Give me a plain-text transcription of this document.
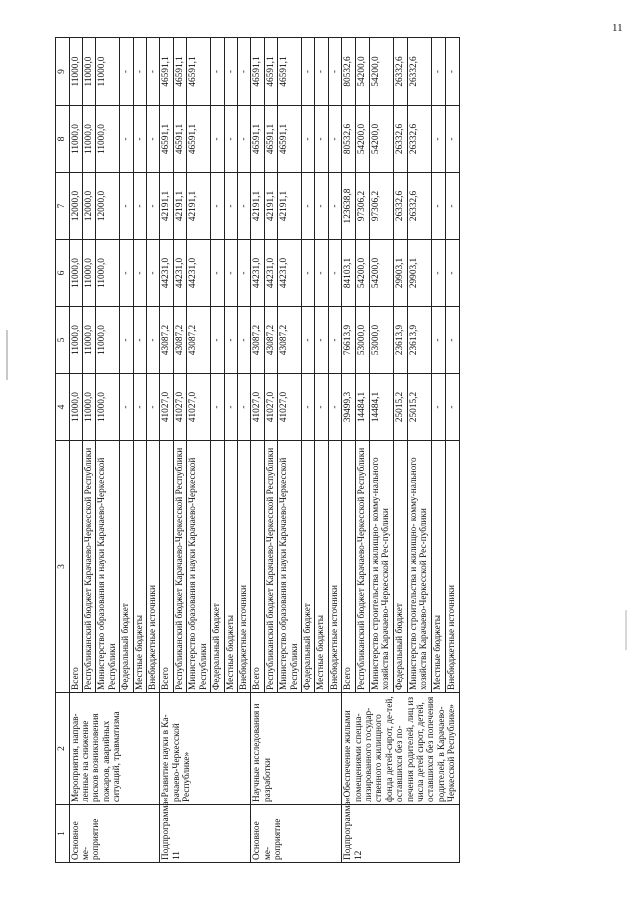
11
1	2	3	4	5	6	7	8	9
Основное ме-роприятие	Мероприятия, направ-ленные на снижение рисков возникновения пожаров, аварийных ситуаций, травматизма	Всего	11000,0	11000,0	11000,0	12000,0	11000,0	11000,0
		Республиканский бюджет Карачаево-Черкесской Республики	11000,0	11000,0	11000,0	12000,0	11000,0	11000,0
		Министерство образования и науки Карачаево-Черкесской Республики	11000,0	11000,0	11000,0	12000,0	11000,0	11000,0
		Федеральный бюджет	-	-	-	-	-	-
		Местные бюджеты	-	-	-	-	-	-
		Внебюджетные источники	-	-	-	-	-	-
Подпрограмма 11	«Развитие науки в Ка-рачаево-Черкесской Республике»	Всего	41027,0	43087,2	44231,0	42191,1	46591,1	46591,1
		Республиканский бюджет Карачаево-Черкесской Республики	41027,0	43087,2	44231,0	42191,1	46591,1	46591,1
		Министерство образования и науки Карачаево-Черкесской Республики	41027,0	43087,2	44231,0	42191,1	46591,1	46591,1
		Федеральный бюджет	-	-	-	-	-	-
		Местные бюджеты	-	-	-	-	-	-
		Внебюджетные источники	-	-	-	-	-	-
Основное ме-роприятие	Научные исследования и разработки	Всего	41027,0	43087,2	44231,0	42191,1	46591,1	46591,1
		Республиканский бюджет Карачаево-Черкесской Республики	41027,0	43087,2	44231,0	42191,1	46591,1	46591,1
		Министерство образования и науки Карачаево-Черкесской Республики	41027,0	43087,2	44231,0	42191,1	46591,1	46591,1
		Федеральный бюджет	-	-	-	-	-	-
		Местные бюджеты	-	-	-	-	-	-
		Внебюджетные источники	-	-	-	-	-	-
Подпрограмма 12	«Обеспечение жилыми помещениями специа-лизированного государ-ственного жилищного фонда детей-сирот, де-тей, оставшихся без по-печения родителей, лиц из числа детей сирот, детей, оставшихся без попечения родителей, в Карачаево-Черкесской Республике»	Всего	39499,3	76613,9	84103,1	123638,8	80532,6	80532,6
		Республиканский бюджет Карачаево-Черкесской Республики	14484,1	53000,0	54200,0	97306,2	54200,0	54200,0
		Министерство строительства и жилищно- комму-нального хозяйства Карачаево-Черкесской Рес-публики	14484,1	53000,0	54200,0	97306,2	54200,0	54200,0
		Федеральный бюджет	25015,2	23613,9	29903,1	26332,6	26332,6	26332,6
		Министерство строительства и жилищно- комму-нального хозяйства Карачаево-Черкесской Рес-публики	25015,2	23613,9	29903,1	26332,6	26332,6	26332,6
		Местные бюджеты	-	-	-	-	-	-
		Внебюджетные источники	-	-	-	-	-	-
